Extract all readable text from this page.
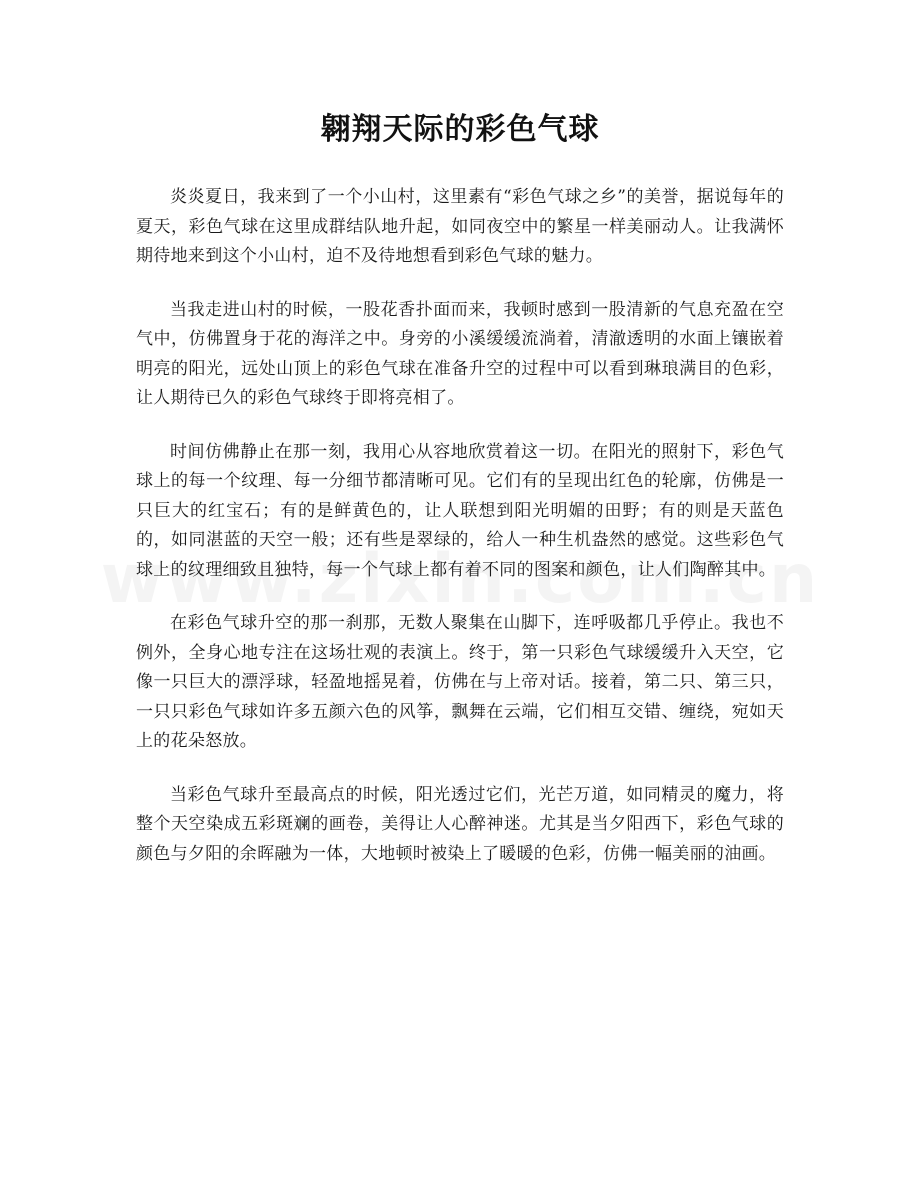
翱翔天际的彩色气球

炎炎夏日，我来到了一个小山村，这里素有“彩色气球之乡”的美誉，据说每年的夏天，彩色气球在这里成群结队地升起，如同夜空中的繁星一样美丽动人。让我满怀期待地来到这个小山村，迫不及待地想看到彩色气球的魅力。

当我走进山村的时候，一股花香扑面而来，我顿时感到一股清新的气息充盈在空气中，仿佛置身于花的海洋之中。身旁的小溪缓缓流淌着，清澈透明的水面上镶嵌着明亮的阳光，远处山顶上的彩色气球在准备升空的过程中可以看到琳琅满目的色彩，让人期待已久的彩色气球终于即将亮相了。

时间仿佛静止在那一刻，我用心从容地欣赏着这一切。在阳光的照射下，彩色气球上的每一个纹理、每一分细节都清晰可见。它们有的呈现出红色的轮廓，仿佛是一只巨大的红宝石；有的是鲜黄色的，让人联想到阳光明媚的田野；有的则是天蓝色的，如同湛蓝的天空一般；还有些是翠绿的，给人一种生机盎然的感觉。这些彩色气球上的纹理细致且独特，每一个气球上都有着不同的图案和颜色，让人们陶醉其中。

在彩色气球升空的那一刹那，无数人聚集在山脚下，连呼吸都几乎停止。我也不例外，全身心地专注在这场壮观的表演上。终于，第一只彩色气球缓缓升入天空，它像一只巨大的漂浮球，轻盈地摇晃着，仿佛在与上帝对话。接着，第二只、第三只，一只只彩色气球如许多五颜六色的风筝，飘舞在云端，它们相互交错、缠绕，宛如天上的花朵怒放。

当彩色气球升至最高点的时候，阳光透过它们，光芒万道，如同精灵的魔力，将整个天空染成五彩斑斓的画卷，美得让人心醉神迷。尤其是当夕阳西下，彩色气球的颜色与夕阳的余晖融为一体，大地顿时被染上了暖暖的色彩，仿佛一幅美丽的油画。
